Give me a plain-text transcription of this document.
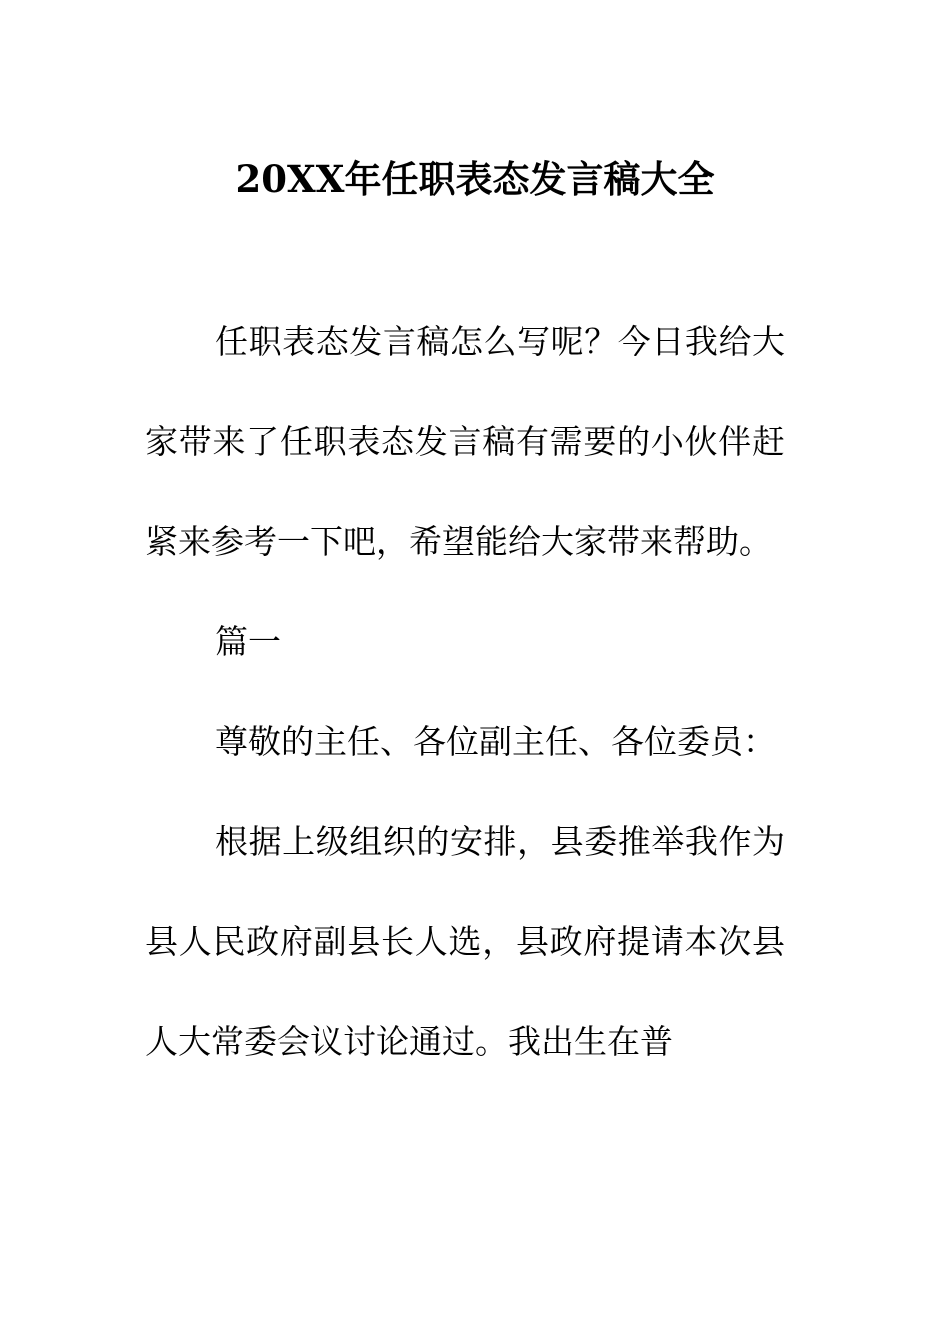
20XX年任职表态发言稿大全

任职表态发言稿怎么写呢？今日我给大家带来了任职表态发言稿有需要的小伙伴赶紧来参考一下吧，希望能给大家带来帮助。

篇一

尊敬的主任、各位副主任、各位委员：

根据上级组织的安排，县委推举我作为县人民政府副县长人选，县政府提请本次县人大常委会议讨论通过。我出生在普
